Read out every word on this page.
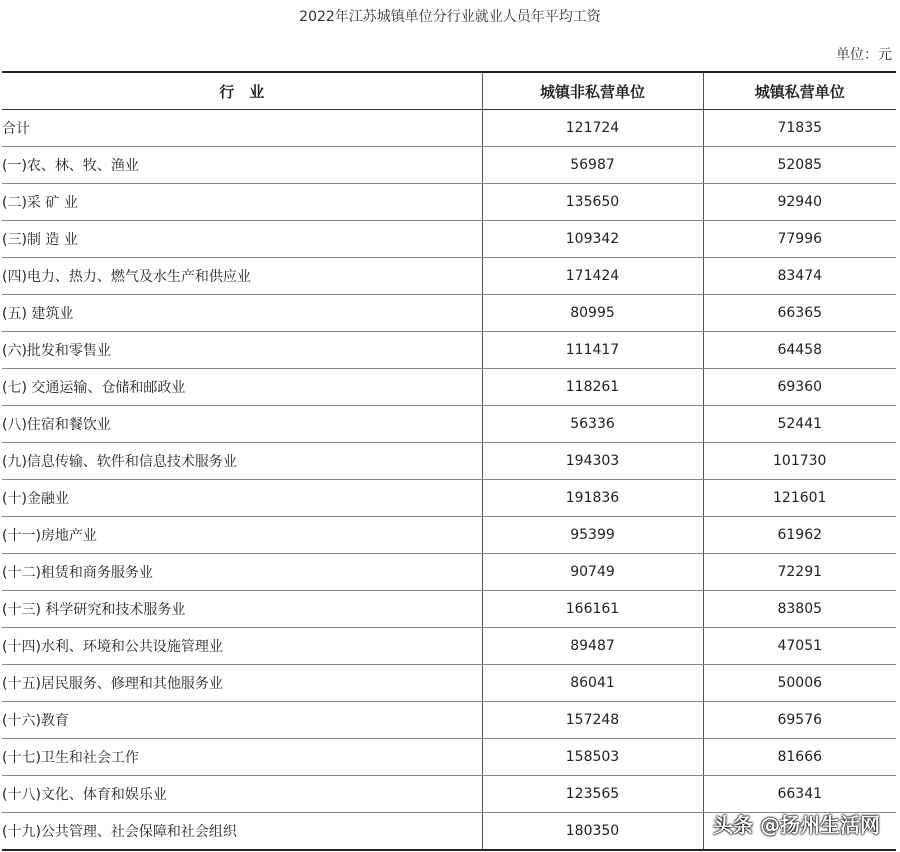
2022年江苏城镇单位分行业就业人员年平均工资
单位：元
行　业	城镇非私营单位	城镇私营单位
合计	121724	71835
(一)农、林、牧、渔业	56987	52085
(二)采 矿 业	135650	92940
(三)制 造 业	109342	77996
(四)电力、热力、燃气及水生产和供应业	171424	83474
(五) 建筑业	80995	66365
(六)批发和零售业	111417	64458
(七) 交通运输、仓储和邮政业	118261	69360
(八)住宿和餐饮业	56336	52441
(九)信息传输、软件和信息技术服务业	194303	101730
(十)金融业	191836	121601
(十一)房地产业	95399	61962
(十二)租赁和商务服务业	90749	72291
(十三) 科学研究和技术服务业	166161	83805
(十四)水利、环境和公共设施管理业	89487	47051
(十五)居民服务、修理和其他服务业	86041	50006
(十六)教育	157248	69576
(十七)卫生和社会工作	158503	81666
(十八)文化、体育和娱乐业	123565	66341
(十九)公共管理、社会保障和社会组织	180350		头条 @扬州生活网
